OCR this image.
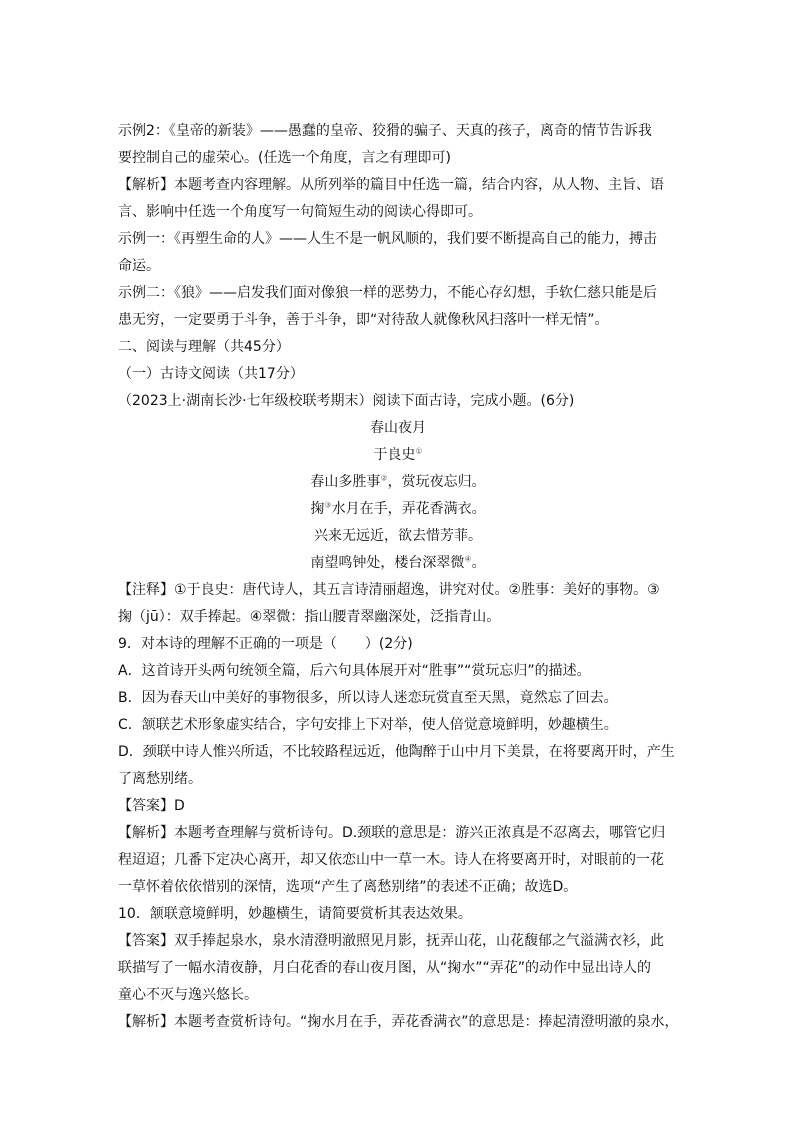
示例2：《皇帝的新装》——愚蠢的皇帝、狡猾的骗子、天真的孩子，离奇的情节告诉我
要控制自己的虚荣心。(任选一个角度，言之有理即可)
【解析】本题考查内容理解。从所列举的篇目中任选一篇，结合内容，从人物、主旨、语
言、影响中任选一个角度写一句简短生动的阅读心得即可。
示例一：《再塑生命的人》——人生不是一帆风顺的，我们要不断提高自己的能力，搏击
命运。
示例二：《狼》——启发我们面对像狼一样的恶势力，不能心存幻想，手软仁慈只能是后
患无穷，一定要勇于斗争，善于斗争，即“对待敌人就像秋风扫落叶一样无情”。
二、阅读与理解（共45分）
（一）古诗文阅读（共17分）
（2023上·湖南长沙·七年级校联考期末）阅读下面古诗，完成小题。(6分)
春山夜月
于良史①
春山多胜事②，赏玩夜忘归。
掬③水月在手，弄花香满衣。
兴来无远近，欲去惜芳菲。
南望鸣钟处，楼台深翠微④。
【注释】①于良史：唐代诗人，其五言诗清丽超逸，讲究对仗。②胜事：美好的事物。③
掬（jū）：双手捧起。④翠微：指山腰青翠幽深处，泛指青山。
9．对本诗的理解不正确的一项是（　　）(2分)
A．这首诗开头两句统领全篇，后六句具体展开对“胜事”“赏玩忘归”的描述。
B．因为春天山中美好的事物很多，所以诗人迷恋玩赏直至天黑，竟然忘了回去。
C．颔联艺术形象虚实结合，字句安排上下对举，使人倍觉意境鲜明，妙趣横生。
D．颈联中诗人惟兴所适，不比较路程远近，他陶醉于山中月下美景，在将要离开时，产生
了离愁别绪。
【答案】D
【解析】本题考查理解与赏析诗句。D.颈联的意思是：游兴正浓真是不忍离去，哪管它归
程迢迢；几番下定决心离开，却又依恋山中一草一木。诗人在将要离开时，对眼前的一花
一草怀着依依惜别的深情，选项“产生了离愁别绪”的表述不正确；故选D。
10．颔联意境鲜明，妙趣横生，请简要赏析其表达效果。
【答案】双手捧起泉水，泉水清澄明澈照见月影，抚弄山花，山花馥郁之气溢满衣衫，此
联描写了一幅水清夜静，月白花香的春山夜月图，从“掬水”“弄花”的动作中显出诗人的
童心不灭与逸兴悠长。
【解析】本题考查赏析诗句。“掬水月在手，弄花香满衣”的意思是：捧起清澄明澈的泉水，
